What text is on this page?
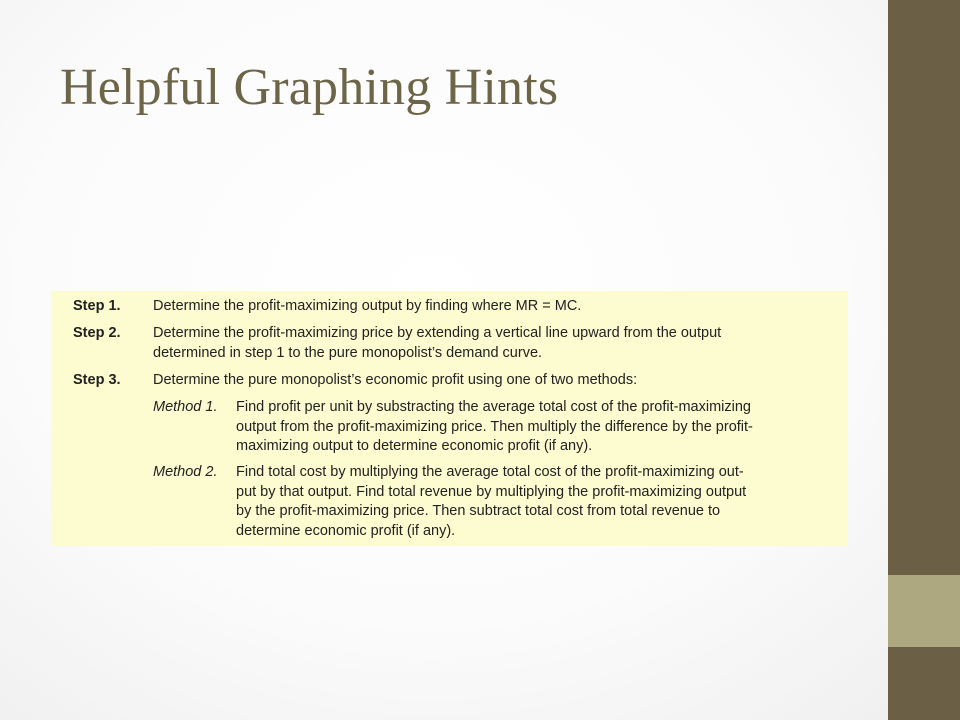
Helpful Graphing Hints
Step 1.	Determine the profit-maximizing output by finding where MR = MC.
Step 2.	Determine the profit-maximizing price by extending a vertical line upward from the output
determined in step 1 to the pure monopolist’s demand curve.
Step 3.	Determine the pure monopolist’s economic profit using one of two methods:
Method 1.	Find profit per unit by substracting the average total cost of the profit-maximizing
output from the profit-maximizing price. Then multiply the difference by the profit-
maximizing output to determine economic profit (if any).
Method 2.	Find total cost by multiplying the average total cost of the profit-maximizing out-
put by that output. Find total revenue by multiplying the profit-maximizing output
by the profit-maximizing price. Then subtract total cost from total revenue to
determine economic profit (if any).
